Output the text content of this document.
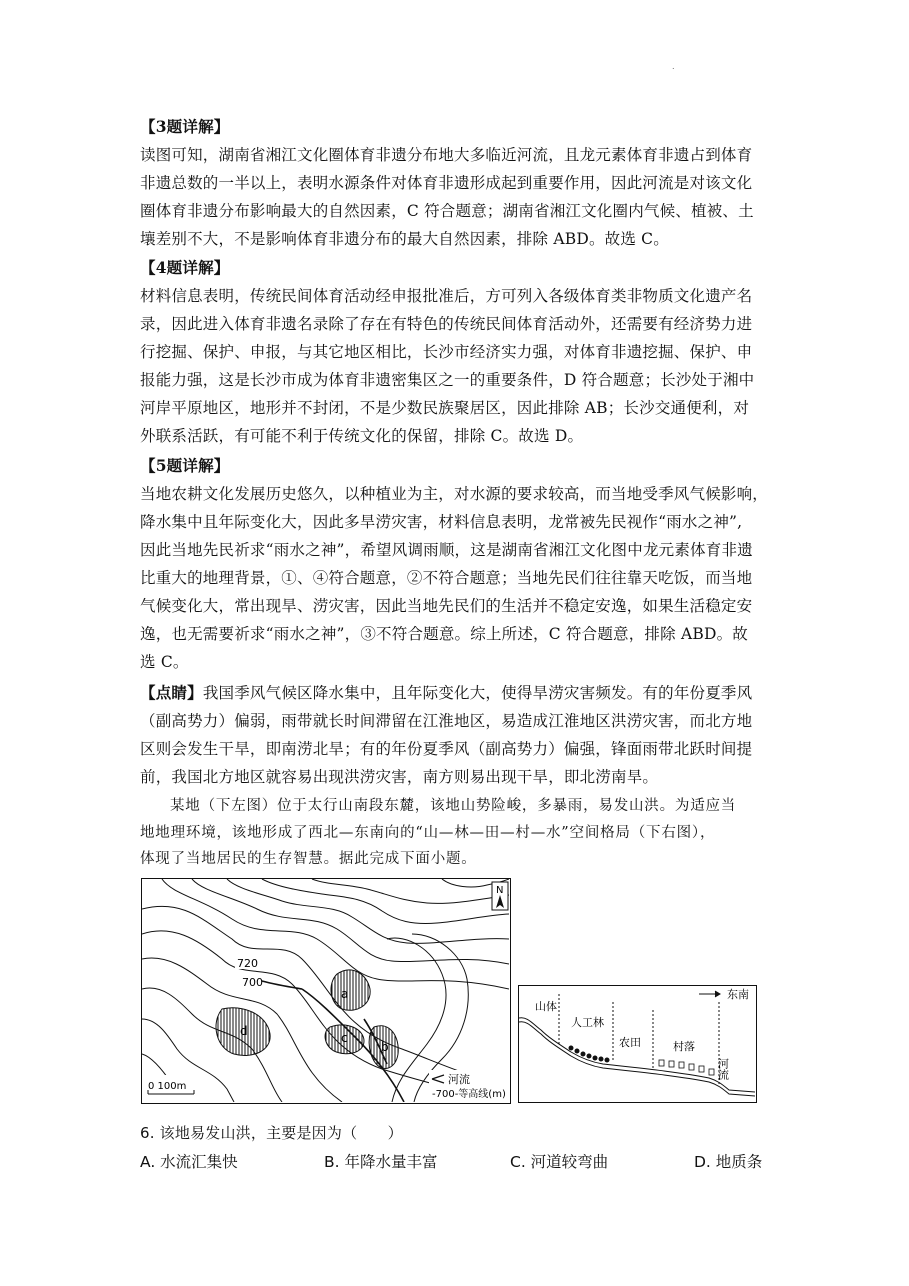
.
【3题详解】
读图可知，湖南省湘江文化圈体育非遗分布地大多临近河流，且龙元素体育非遗占到体育
非遗总数的一半以上，表明水源条件对体育非遗形成起到重要作用，因此河流是对该文化
圈体育非遗分布影响最大的自然因素，C 符合题意；湖南省湘江文化圈内气候、植被、土
壤差别不大，不是影响体育非遗分布的最大自然因素，排除 ABD。故选 C。
【4题详解】
材料信息表明，传统民间体育活动经申报批准后，方可列入各级体育类非物质文化遗产名
录，因此进入体育非遗名录除了存在有特色的传统民间体育活动外，还需要有经济势力进
行挖掘、保护、申报，与其它地区相比，长沙市经济实力强，对体育非遗挖掘、保护、申
报能力强，这是长沙市成为体育非遗密集区之一的重要条件，D 符合题意；长沙处于湘中
河岸平原地区，地形并不封闭，不是少数民族聚居区，因此排除 AB；长沙交通便利，对
外联系活跃，有可能不利于传统文化的保留，排除 C。故选 D。
【5题详解】
当地农耕文化发展历史悠久，以种植业为主，对水源的要求较高，而当地受季风气候影响，
降水集中且年际变化大，因此多旱涝灾害，材料信息表明，龙常被先民视作“雨水之神”,
因此当地先民祈求“雨水之神”，希望风调雨顺，这是湖南省湘江文化图中龙元素体育非遗
比重大的地理背景，①、④符合题意，②不符合题意；当地先民们往往靠天吃饭，而当地
气候变化大，常出现旱、涝灾害，因此当地先民们的生活并不稳定安逸，如果生活稳定安
逸，也无需要祈求“雨水之神”，③不符合题意。综上所述，C 符合题意，排除 ABD。故
选 C。
【点睛】我国季风气候区降水集中，且年际变化大，使得旱涝灾害频发。有的年份夏季风
（副高势力）偏弱，雨带就长时间滞留在江淮地区，易造成江淮地区洪涝灾害，而北方地
区则会发生干旱，即南涝北旱；有的年份夏季风（副高势力）偏强，锋面雨带北跃时间提
前，我国北方地区就容易出现洪涝灾害，南方则易出现干旱，即北涝南旱。
某地（下左图）位于太行山南段东麓，该地山势险峻，多暴雨，易发山洪。为适应当
地地理环境，该地形成了西北—东南向的“山—林—田—村—水”空间格局（下右图），
720
700
a
b
c
d
N
0 100m
河流
-700-等高线(m)
东南
山体
人工林
农田	村落
河流
6. 该地易发山洪，主要是因为（　　）
A. 水流汇集快	B. 年降水量丰富	C. 河道较弯曲	D. 地质条
体现了当地居民的生存智慧。据此完成下面小题。
